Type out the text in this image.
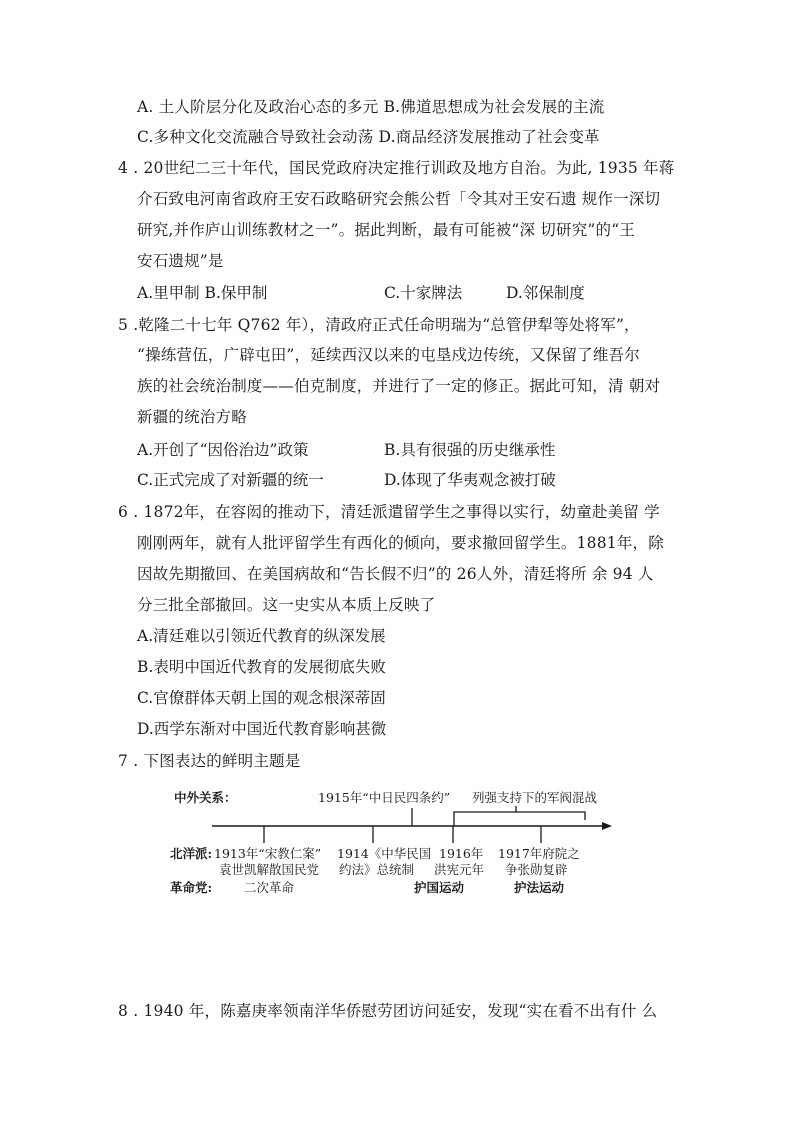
A. 土人阶层分化及政治心态的多元 B.佛道思想成为社会发展的主流
C.多种文化交流融合导致社会动荡 D.商品经济发展推动了社会变革
4 . 20世纪二三十年代，国民党政府决定推行训政及地方自治。为此, 1935 年蒋
介石致电河南省政府王安石政略研究会熊公哲「令其对王安石遗 规作一深切
研究,并作庐山训练教材之一”。据此判断，最有可能被“深 切研究”的“王
安石遗规”是
A.里甲制 B.保甲制	C.十家牌法	D.邻保制度
5 .乾隆二十七年 Q762 年），清政府正式任命明瑞为“总管伊犁等处将军”，
“操练营伍，广辟屯田”，延续西汉以来的屯垦戍边传统，又保留了维吾尔
族的社会统治制度——伯克制度，并进行了一定的修正。据此可知，清 朝对
新疆的统治方略
A.开创了“因俗治边”政策	B.具有很强的历史继承性
C.正式完成了对新疆的统一	D.体现了华夷观念被打破
6 . 1872年，在容闳的推动下，清廷派遣留学生之事得以实行，幼童赴美留 学
刚刚两年，就有人批评留学生有西化的倾向，要求撤回留学生。1881年，除
因故先期撤回、在美国病故和“告长假不归”的 26人外，清廷将所 余 94 人
分三批全部撤回。这一史实从本质上反映了
A.清廷难以引领近代教育的纵深发展
B.表明中国近代教育的发展彻底失败
C.官僚群体天朝上国的观念根深蒂固
D.西学东渐对中国近代教育影响甚微
7 . 下图表达的鲜明主题是
中外关系：	1915年“中日民四条约” 列强支持下的军阀混战
北洋派: 1913年“宋教仁案”
袁世凯解散国民党
1914《中华民国
约法》总统制
1916年
洪宪元年
1917年府院之
争张勋复辟
革命党:	二次革命	护国运动	护法运动
8 . 1940 年，陈嘉庚率领南洋华侨慰劳团访问延安，发现“实在看不出有什 么
